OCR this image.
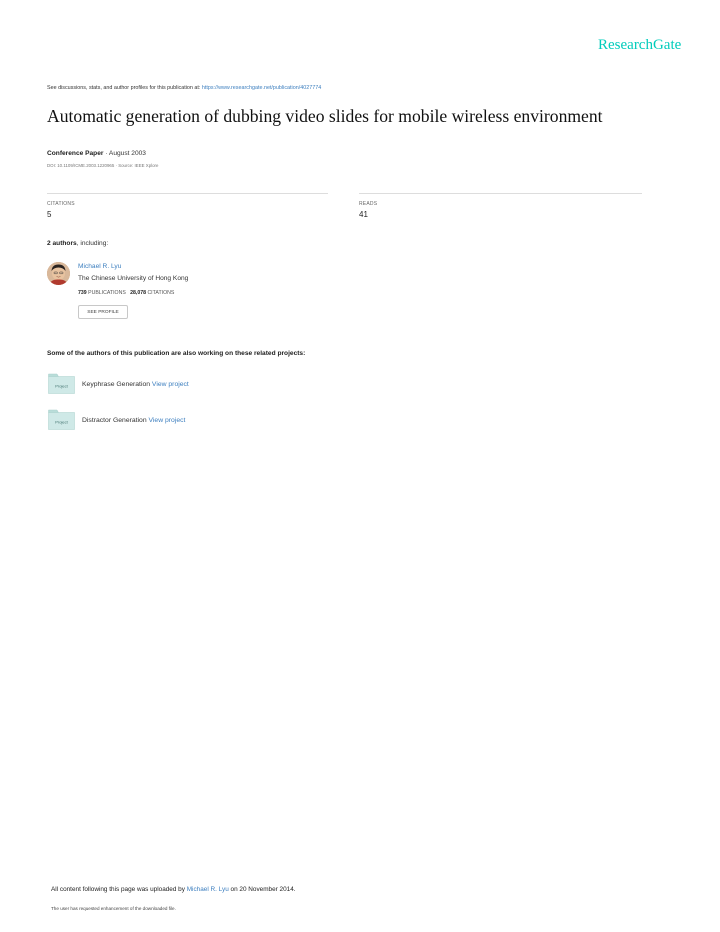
ResearchGate
See discussions, stats, and author profiles for this publication at: https://www.researchgate.net/publication/4027774
Automatic generation of dubbing video slides for mobile wireless environment
Conference Paper · August 2003
DOI: 10.1109/ICME.2003.1220965 · Source: IEEE Xplore
CITATIONS
5
READS
41
2 authors, including:
Michael R. Lyu
The Chinese University of Hong Kong
739 PUBLICATIONS 28,078 CITATIONS
SEE PROFILE
Some of the authors of this publication are also working on these related projects:
Project Keyphrase Generation View project
Project Distractor Generation View project
All content following this page was uploaded by Michael R. Lyu on 20 November 2014.
The user has requested enhancement of the downloaded file.
